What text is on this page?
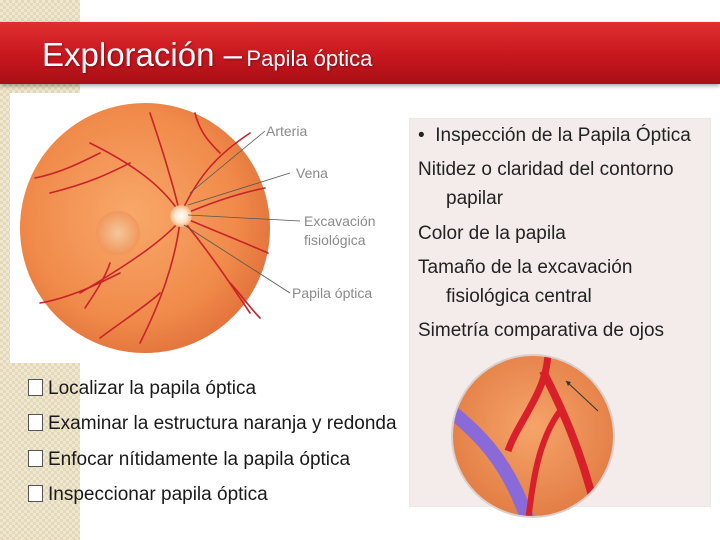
Exploración – Papila óptica
Arteria
Vena
Excavación
fisiológica
Papila óptica
• Inspección de la Papila Óptica
Nitidez o claridad del contorno
papilar
Color de la papila
Tamaño de la excavación
fisiológica central
Simetría comparativa de ojos
Localizar la papila óptica
Examinar la estructura naranja y redonda
Enfocar nítidamente la papila óptica
Inspeccionar papila óptica
